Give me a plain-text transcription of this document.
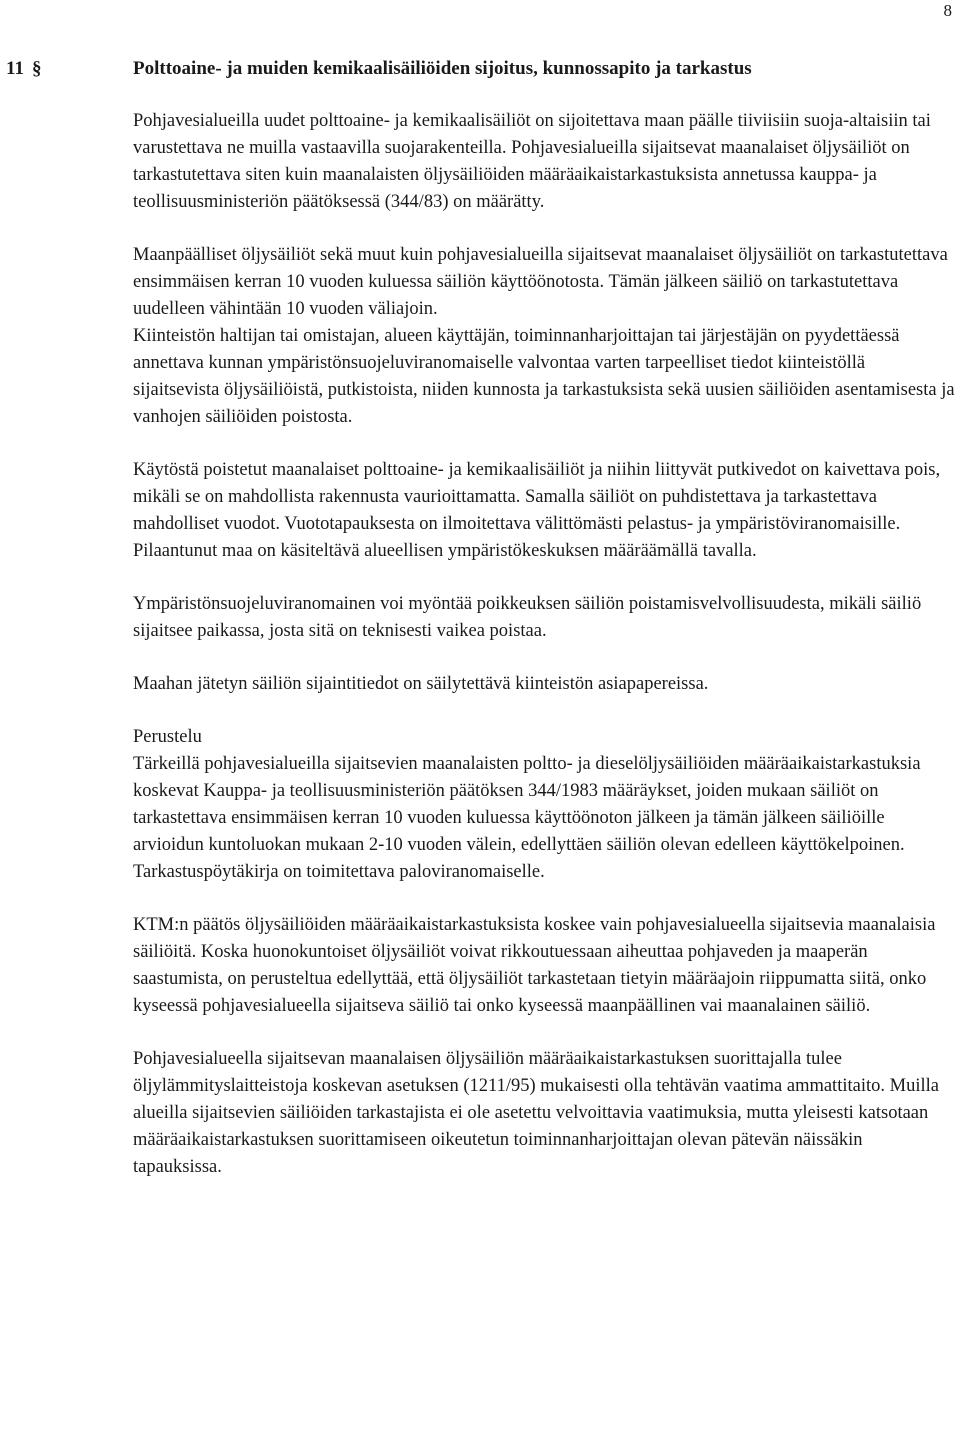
8
11 §	Polttoaine- ja muiden kemikaalisäiliöiden sijoitus, kunnossapito ja tarkastus

Pohjavesialueilla uudet polttoaine- ja kemikaalisäiliöt on sijoitettava maan päälle tiiviisiin suoja-altaisiin tai varustettava ne muilla vastaavilla suojarakenteilla. Pohjavesialueilla sijaitsevat maanalaiset öljysäiliöt on tarkastutettava siten kuin maanalaisten öljysäiliöiden määräaikaistarkastuksista annetussa kauppa- ja teollisuusministeriön päätöksessä (344/83) on määrätty.

Maanpäälliset öljysäiliöt sekä muut kuin pohjavesialueilla sijaitsevat maanalaiset öljysäiliöt on tarkastutettava ensimmäisen kerran 10 vuoden kuluessa säiliön käyttöönotosta. Tämän jälkeen säiliö on tarkastutettava uudelleen vähintään 10 vuoden väliajoin.

Kiinteistön haltijan tai omistajan, alueen käyttäjän, toiminnanharjoittajan tai järjestäjän on pyydettäessä annettava kunnan ympäristönsuojeluviranomaiselle valvontaa varten tarpeelliset tiedot kiinteistöllä sijaitsevista öljysäiliöistä, putkistoista, niiden kunnosta ja tarkastuksista sekä uusien säiliöiden asentamisesta ja vanhojen säiliöiden poistosta.

Käytöstä poistetut maanalaiset polttoaine- ja kemikaalisäiliöt ja niihin liittyvät putkivedot on kaivettava pois, mikäli se on mahdollista rakennusta vaurioittamatta. Samalla säiliöt on puhdistettava ja tarkastettava mahdolliset vuodot. Vuototapauksesta on ilmoitettava välittömästi pelastus- ja ympäristöviranomaisille. Pilaantunut maa on käsiteltävä alueellisen ympäristökeskuksen määräämällä tavalla.

Ympäristönsuojeluviranomainen voi myöntää poikkeuksen säiliön poistamisvelvollisuudesta, mikäli säiliö sijaitsee paikassa, josta sitä on teknisesti vaikea poistaa.

Maahan jätetyn säiliön sijaintitiedot on säilytettävä kiinteistön asiapapereissa.

Perustelu

Tärkeillä pohjavesialueilla sijaitsevien maanalaisten poltto- ja dieselöljysäiliöiden määräaikaistarkastuksia koskevat Kauppa- ja teollisuusministeriön päätöksen 344/1983 määräykset, joiden mukaan säiliöt on tarkastettava ensimmäisen kerran 10 vuoden kuluessa käyttöönoton jälkeen ja tämän jälkeen säiliöille arvioidun kuntoluokan mukaan 2-10 vuoden välein, edellyttäen säiliön olevan edelleen käyttökelpoinen. Tarkastuspöytäkirja on toimitettava paloviranomaiselle.

KTM:n päätös öljysäiliöiden määräaikaistarkastuksista koskee vain pohjavesialueella sijaitsevia maanalaisia säiliöitä. Koska huonokuntoiset öljysäiliöt voivat rikkoutuessaan aiheuttaa pohjaveden ja maaperän saastumista, on perusteltua edellyttää, että öljysäiliöt tarkastetaan tietyin määräajoin riippumatta siitä, onko kyseessä pohjavesialueella sijaitseva säiliö tai onko kyseessä maanpäällinen vai maanalainen säiliö.

Pohjavesialueella sijaitsevan maanalaisen öljysäiliön määräaikaistarkastuksen suorittajalla tulee öljylämmityslaitteistoja koskevan asetuksen (1211/95) mukaisesti olla tehtävän vaatima ammattitaito. Muilla alueilla sijaitsevien säiliöiden tarkastajista ei ole asetettu velvoittavia vaatimuksia, mutta yleisesti katsotaan määräaikaistarkastuksen suorittamiseen oikeutetun toiminnanharjoittajan olevan pätevän näissäkin tapauksissa.
